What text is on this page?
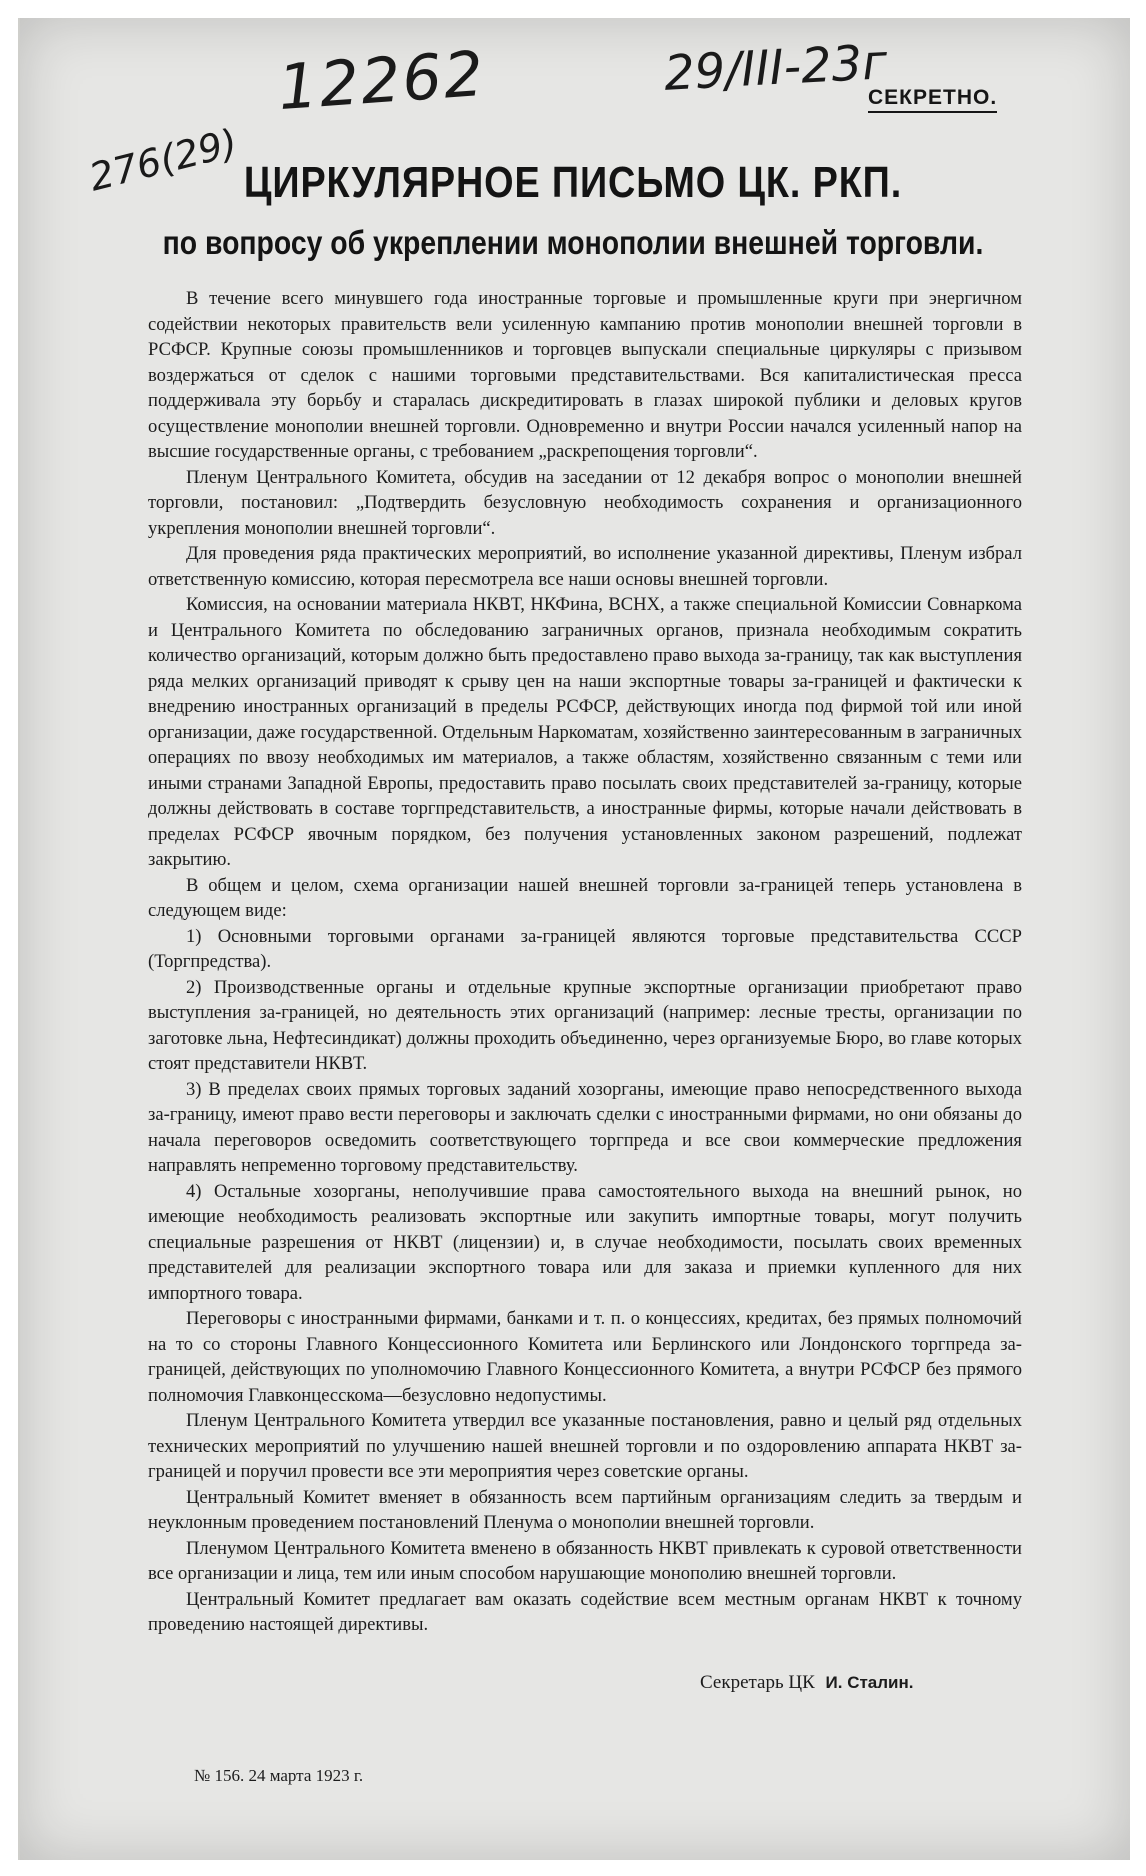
12262
276(29)
29/III-23г
СЕКРЕТНО.
ЦИРКУЛЯРНОЕ ПИСЬМО ЦК. РКП.
по вопросу об укреплении монополии внешней торговли.

В течение всего минувшего года иностранные торговые и промышленные круги при энергичном содействии некоторых правительств вели усиленную кампанию против монополии внешней торговли в РСФСР. Крупные союзы промышленников и торговцев выпускали специальные циркуляры с призывом воздержаться от сделок с нашими торговыми представительствами. Вся капиталистическая пресса поддерживала эту борьбу и старалась дискредитировать в глазах широкой публики и деловых кругов осуществление монополии внешней торговли. Одновременно и внутри России начался усиленный напор на высшие государственные органы, с требованием „раскрепощения торговли“.

Пленум Центрального Комитета, обсудив на заседании от 12 декабря вопрос о монополии внешней торговли, постановил: „Подтвердить безусловную необходимость сохранения и организационного укрепления монополии внешней торговли“.

Для проведения ряда практических мероприятий, во исполнение указанной директивы, Пленум избрал ответственную комиссию, которая пересмотрела все наши основы внешней торговли.

Комиссия, на основании материала НКВТ, НКФина, ВСНХ, а также специальной Комиссии Совнаркома и Центрального Комитета по обследованию заграничных органов, признала необходимым сократить количество организаций, которым должно быть предоставлено право выхода за-границу, так как выступления ряда мелких организаций приводят к срыву цен на наши экспортные товары за-границей и фактически к внедрению иностранных организаций в пределы РСФСР, действующих иногда под фирмой той или иной организации, даже государственной. Отдельным Наркоматам, хозяйственно заинтересованным в заграничных операциях по ввозу необходимых им материалов, а также областям, хозяйственно связанным с теми или иными странами Западной Европы, предоставить право посылать своих представителей за-границу, которые должны действовать в составе торгпредставительств, а иностранные фирмы, которые начали действовать в пределах РСФСР явочным порядком, без получения установленных законом разрешений, подлежат закрытию.

В общем и целом, схема организации нашей внешней торговли за-границей теперь установлена в следующем виде:

1) Основными торговыми органами за-границей являются торговые представительства СССР (Торгпредства).

2) Производственные органы и отдельные крупные экспортные организации приобретают право выступления за-границей, но деятельность этих организаций (например: лесные тресты, организации по заготовке льна, Нефтесиндикат) должны проходить объединенно, через организуемые Бюро, во главе которых стоят представители НКВТ.

3) В пределах своих прямых торговых заданий хозорганы, имеющие право непосредственного выхода за-границу, имеют право вести переговоры и заключать сделки с иностранными фирмами, но они обязаны до начала переговоров осведомить соответствующего торгпреда и все свои коммерческие предложения направлять непременно торговому представительству.

4) Остальные хозорганы, неполучившие права самостоятельного выхода на внешний рынок, но имеющие необходимость реализовать экспортные или закупить импортные товары, могут получить специальные разрешения от НКВТ (лицензии) и, в случае необходимости, посылать своих временных представителей для реализации экспортного товара или для заказа и приемки купленного для них импортного товара.

Переговоры с иностранными фирмами, банками и т. п. о концессиях, кредитах, без прямых полномочий на то со стороны Главного Концессионного Комитета или Берлинского или Лондонского торгпреда за-границей, действующих по уполномочию Главного Концессионного Комитета, а внутри РСФСР без прямого полномочия Главконцесскома—безусловно недопустимы.

Пленум Центрального Комитета утвердил все указанные постановления, равно и целый ряд отдельных технических мероприятий по улучшению нашей внешней торговли и по оздоровлению аппарата НКВТ за-границей и поручил провести все эти мероприятия через советские органы.

Центральный Комитет вменяет в обязанность всем партийным организациям следить за твердым и неуклонным проведением постановлений Пленума о монополии внешней торговли.

Пленумом Центрального Комитета вменено в обязанность НКВТ привлекать к суровой ответственности все организации и лица, тем или иным способом нарушающие монополию внешней торговли.

Центральный Комитет предлагает вам оказать содействие всем местным органам НКВТ к точному проведению настоящей директивы.

Секретарь ЦК И. Сталин.
№ 156. 24 марта 1923 г.
